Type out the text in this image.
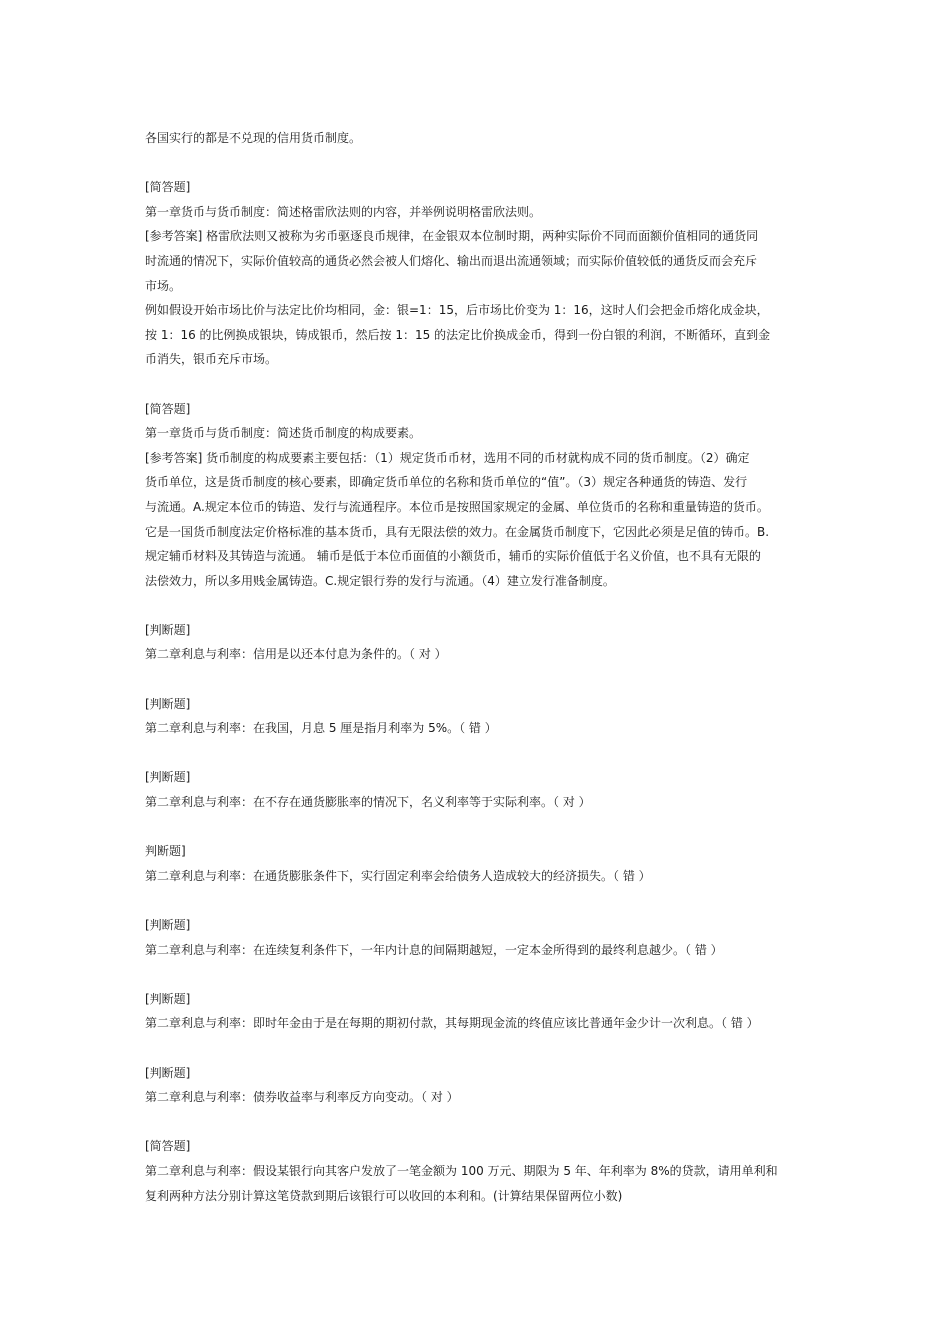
各国实行的都是不兑现的信用货币制度。
[简答题]
第一章货币与货币制度：简述格雷欣法则的内容，并举例说明格雷欣法则。
[参考答案] 格雷欣法则又被称为劣币驱逐良币规律，在金银双本位制时期，两种实际价不同而面额价值相同的通货同
时流通的情况下，实际价值较高的通货必然会被人们熔化、输出而退出流通领域；而实际价值较低的通货反而会充斥
市场。
例如假设开始市场比价与法定比价均相同，金：银=1：15，后市场比价变为 1：16，这时人们会把金币熔化成金块，
按 1：16 的比例换成银块，铸成银币，然后按 1：15 的法定比价换成金币，得到一份白银的利润，不断循环，直到金
币消失，银币充斥市场。
[简答题]
第一章货币与货币制度：简述货币制度的构成要素。
[参考答案] 货币制度的构成要素主要包括：（1）规定货币币材，选用不同的币材就构成不同的货币制度。（2）确定
货币单位，这是货币制度的核心要素，即确定货币单位的名称和货币单位的“值”。（3）规定各种通货的铸造、发行
与流通。A.规定本位币的铸造、发行与流通程序。本位币是按照国家规定的金属、单位货币的名称和重量铸造的货币。
它是一国货币制度法定价格标准的基本货币，具有无限法偿的效力。在金属货币制度下，它因此必须是足值的铸币。B.
规定辅币材料及其铸造与流通。 辅币是低于本位币面值的小额货币，辅币的实际价值低于名义价值，也不具有无限的
法偿效力，所以多用贱金属铸造。C.规定银行券的发行与流通。（4）建立发行准备制度。
[判断题]
第二章利息与利率：信用是以还本付息为条件的。（ 对 ）
[判断题]
第二章利息与利率：在我国，月息 5 厘是指月利率为 5%。（ 错 ）
[判断题]
第二章利息与利率：在不存在通货膨胀率的情况下，名义利率等于实际利率。（ 对 ）
判断题]
第二章利息与利率：在通货膨胀条件下，实行固定利率会给债务人造成较大的经济损失。（ 错 ）
[判断题]
第二章利息与利率：在连续复利条件下，一年内计息的间隔期越短，一定本金所得到的最终利息越少。（ 错 ）
[判断题]
第二章利息与利率：即时年金由于是在每期的期初付款，其每期现金流的终值应该比普通年金少计一次利息。（ 错 ）
[判断题]
第二章利息与利率：债券收益率与利率反方向变动。（ 对 ）
[简答题]
第二章利息与利率：假设某银行向其客户发放了一笔金额为 100 万元、期限为 5 年、年利率为 8%的贷款，请用单利和
复利两种方法分别计算这笔贷款到期后该银行可以收回的本利和。(计算结果保留两位小数)
